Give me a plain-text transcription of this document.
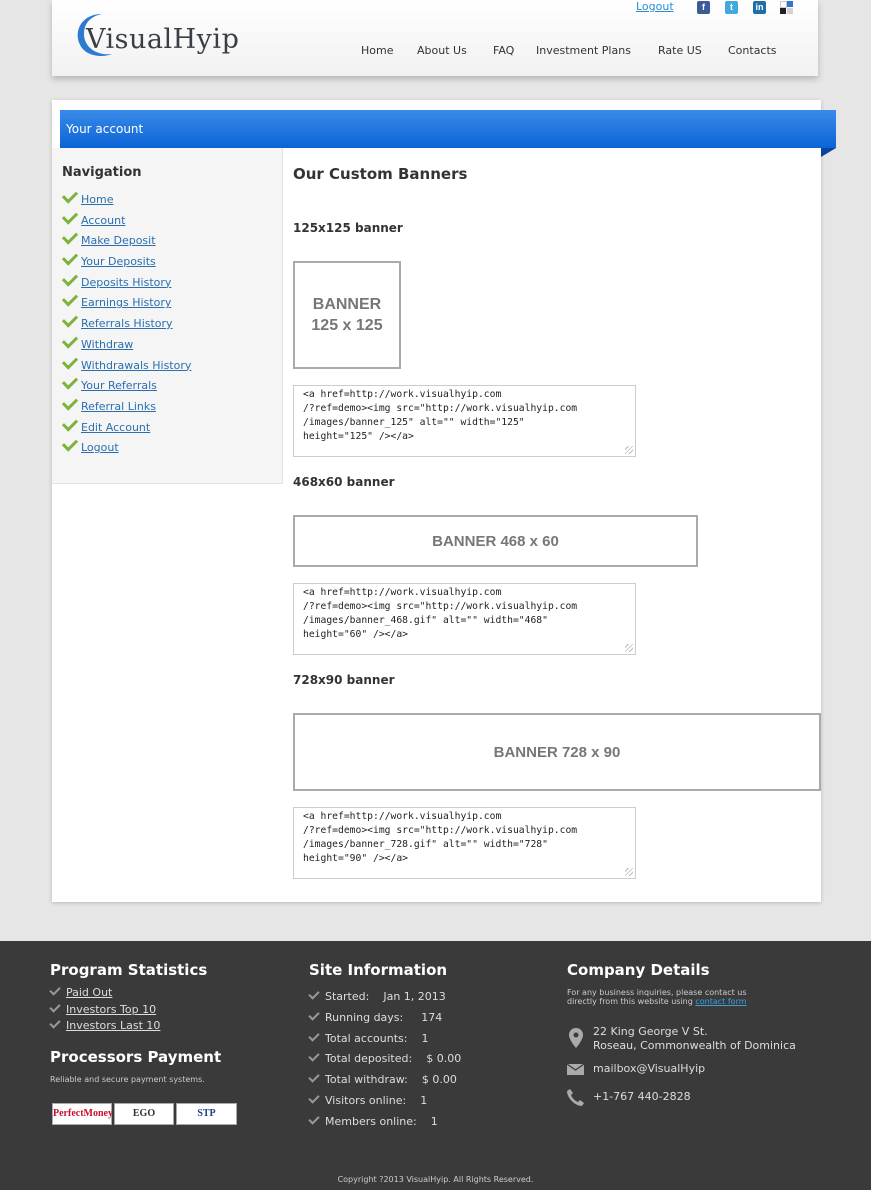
VisualHyip
Logout	f	t	in
Home About Us FAQ Investment Plans Rate US Contacts
Your account
Navigation
Home
Account
Make Deposit
Your Deposits
Deposits History
Earnings History
Referrals History
Withdraw
Withdrawals History
Your Referrals
Referral Links
Edit Account
Logout
Our Custom Banners
125x125 banner
BANNER
125 x 125
<a href=http://work.visualhyip.com
/?ref=demo><img src="http://work.visualhyip.com
/images/banner_125" alt="" width="125"
height="125" /></a>
468x60 banner
BANNER 468 x 60
<a href=http://work.visualhyip.com
/?ref=demo><img src="http://work.visualhyip.com
/images/banner_468.gif" alt="" width="468"
height="60" /></a>
728x90 banner
BANNER 728 x 90
<a href=http://work.visualhyip.com
/?ref=demo><img src="http://work.visualhyip.com
/images/banner_728.gif" alt="" width="728"
height="90" /></a>
Program Statistics
Paid Out
Investors Top 10
Investors Last 10
Processors Payment
Reliable and secure payment systems.
PerfectMoney	EGO	STP
Site Information
Started: Jan 1, 2013
Running days: 174
Total accounts: 1
Total deposited: $ 0.00
Total withdraw: $ 0.00
Visitors online: 1
Members online: 1
Company Details
For any business inquiries, please contact us
directly from this website using contact form
22 King George V St.
Roseau, Commonwealth of Dominica
mailbox@VisualHyip
+1-767 440-2828
Copyright ?2013 VisualHyip. All Rights Reserved.
